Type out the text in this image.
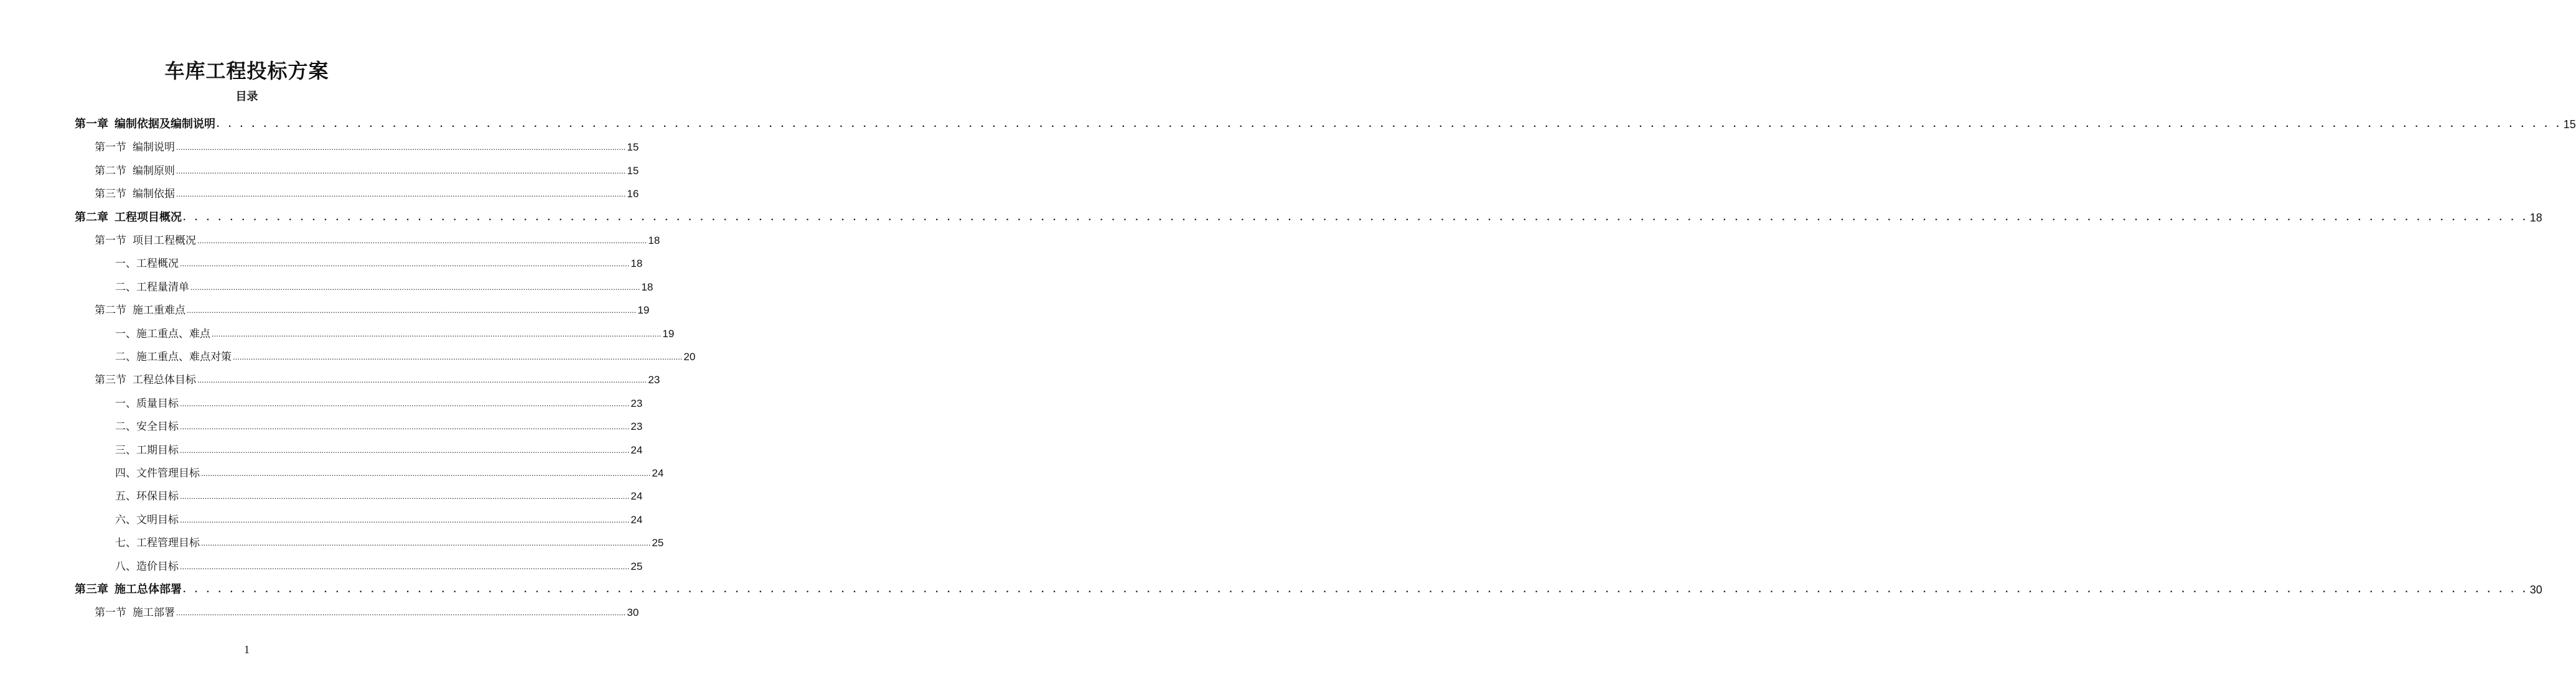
车库工程投标方案
目录
第一章 编制依据及编制说明 . . . . . . . . . . . . . . . . . . . . . . . . . . . . . . . . . . . . . . . . . . . . . . . . . . . . . . . . . . . . . . . . . . . . . . . . . . . . . . . . . . . . . . . . . . . . . . . . . . . . . . . . . . . . . . . . . . . . . . . . . . . . . . . . . . . . . . . . . . . . . . . . . . . . . . . . . . . . . . . . . . . . . . . . . . . . . . . . . . . . . . . . . . . . . . . . . . . . . . . . 15
第一节 编制说明 ........................................................................................................................................................................................................ 15
第二节 编制原则 ........................................................................................................................................................................................................ 15
第三节 编制依据 ........................................................................................................................................................................................................ 16
第二章 工程项目概况 . . . . . . . . . . . . . . . . . . . . . . . . . . . . . . . . . . . . . . . . . . . . . . . . . . . . . . . . . . . . . . . . . . . . . . . . . . . . . . . . . . . . . . . . . . . . . . . . . . . . . . . . . . . . . . . . . . . . . . . . . . . . . . . . . . . . . . . . . . . . . . . . . . . . . . . . . . . . . . . . . . . . . . . . . . . . . . . . . . . . . . . . . . . . . . . . . . . . . . . . 18
第一节 项目工程概况 ........................................................................................................................................................................................................ 18
一、工程概况 ........................................................................................................................................................................................................ 18
二、工程量清单 ........................................................................................................................................................................................................ 18
第二节 施工重难点 ........................................................................................................................................................................................................ 19
一、施工重点、难点 ........................................................................................................................................................................................................ 19
二、施工重点、难点对策 ........................................................................................................................................................................................................ 20
第三节 工程总体目标 ........................................................................................................................................................................................................ 23
一、质量目标 ........................................................................................................................................................................................................ 23
二、安全目标 ........................................................................................................................................................................................................ 23
三、工期目标 ........................................................................................................................................................................................................ 24
四、文件管理目标 ........................................................................................................................................................................................................ 24
五、环保目标 ........................................................................................................................................................................................................ 24
六、文明目标 ........................................................................................................................................................................................................ 24
七、工程管理目标 ........................................................................................................................................................................................................ 25
八、造价目标 ........................................................................................................................................................................................................ 25
第三章 施工总体部署 . . . . . . . . . . . . . . . . . . . . . . . . . . . . . . . . . . . . . . . . . . . . . . . . . . . . . . . . . . . . . . . . . . . . . . . . . . . . . . . . . . . . . . . . . . . . . . . . . . . . . . . . . . . . . . . . . . . . . . . . . . . . . . . . . . . . . . . . . . . . . . . . . . . . . . . . . . . . . . . . . . . . . . . . . . . . . . . . . . . . . . . . . . . . . . . . . . . . . . . . 30
第一节 施工部署 ........................................................................................................................................................................................................ 30
1
